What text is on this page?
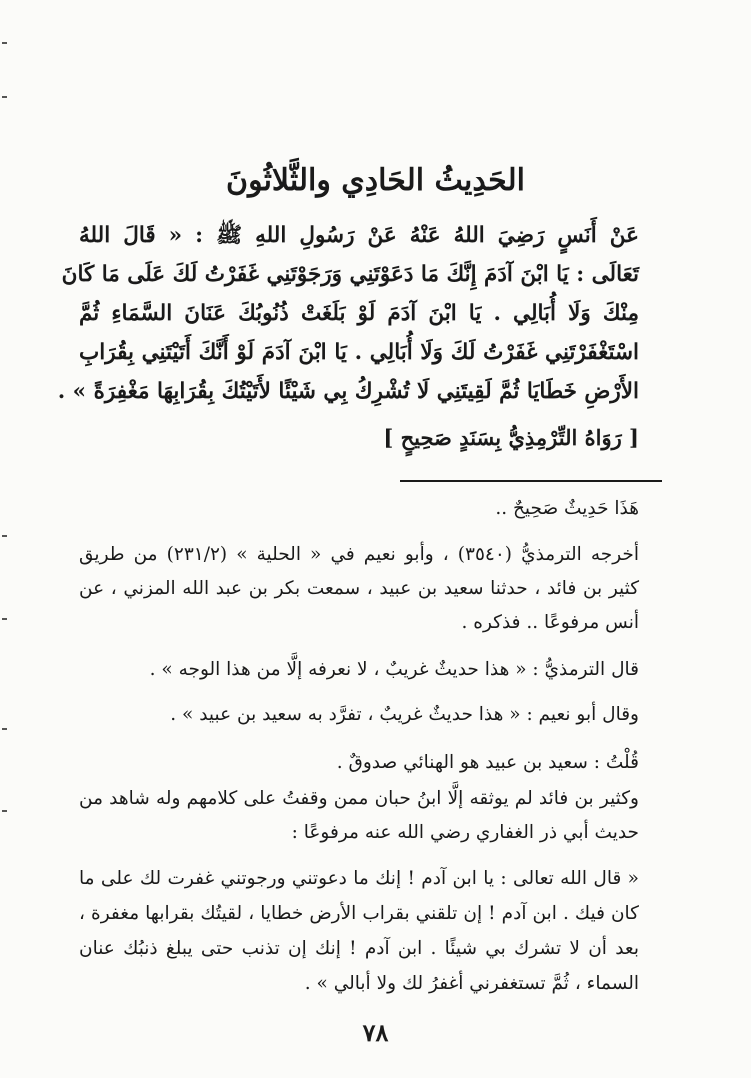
الحَدِيثُ الحَادِي والثَّلاثُونَ
عَنْ أَنَسٍ رَضِيَ اللهُ عَنْهُ عَنْ رَسُولِ اللهِ ﷺ : « قَالَ اللهُ
تَعَالَى : يَا ابْنَ آدَمَ إِنَّكَ مَا دَعَوْتَنِي وَرَجَوْتَنِي غَفَرْتُ لَكَ عَلَى مَا كَانَ
مِنْكَ وَلَا أُبَالِي . يَا ابْنَ آدَمَ لَوْ بَلَغَتْ ذُنُوبُكَ عَنَانَ السَّمَاءِ ثُمَّ
اسْتَغْفَرْتَنِي غَفَرْتُ لَكَ وَلَا أُبَالِي . يَا ابْنَ آدَمَ لَوْ أَنَّكَ أَتَيْتَنِي بِقُرَابِ
الأَرْضِ خَطَايَا ثُمَّ لَقِيتَنِي لَا تُشْرِكُ بِي شَيْئًا لأَتَيْتُكَ بِقُرَابِهَا مَغْفِرَةً » .
[ رَوَاهُ التِّرْمِذِيُّ بِسَنَدٍ صَحِيحٍ ]
هَذَا حَدِيثٌ صَحِيحٌ ..
أخرجه الترمذيُّ (٣٥٤٠) ، وأبو نعيم في « الحلية » (٢٣١/٢) من طريق
كثير بن فائد ، حدثنا سعيد بن عبيد ، سمعت بكر بن عبد الله المزني ، عن
أنس مرفوعًا .. فذكره .
قال الترمذيُّ : « هذا حديثٌ غريبٌ ، لا نعرفه إلَّا من هذا الوجه » .
وقال أبو نعيم : « هذا حديثٌ غريبٌ ، تفرَّد به سعيد بن عبيد » .
قُلْتُ : سعيد بن عبيد هو الهنائي صدوقٌ .
وكثير بن فائد لم يوثقه إلَّا ابنُ حبان ممن وقفتُ على كلامهم وله شاهد من
حديث أبي ذر الغفاري رضي الله عنه مرفوعًا :
« قال الله تعالى : يا ابن آدم ! إنك ما دعوتني ورجوتني غفرت لك على ما
كان فيك . ابن آدم ! إن تلقني بقراب الأرض خطايا ، لقيتُك بقرابها مغفرة ،
بعد أن لا تشرك بي شيئًا . ابن آدم ! إنك إن تذنب حتى يبلغ ذنبُك عنان
السماء ، ثُمَّ تستغفرني أغفرُ لك ولا أبالي » .
٧٨
